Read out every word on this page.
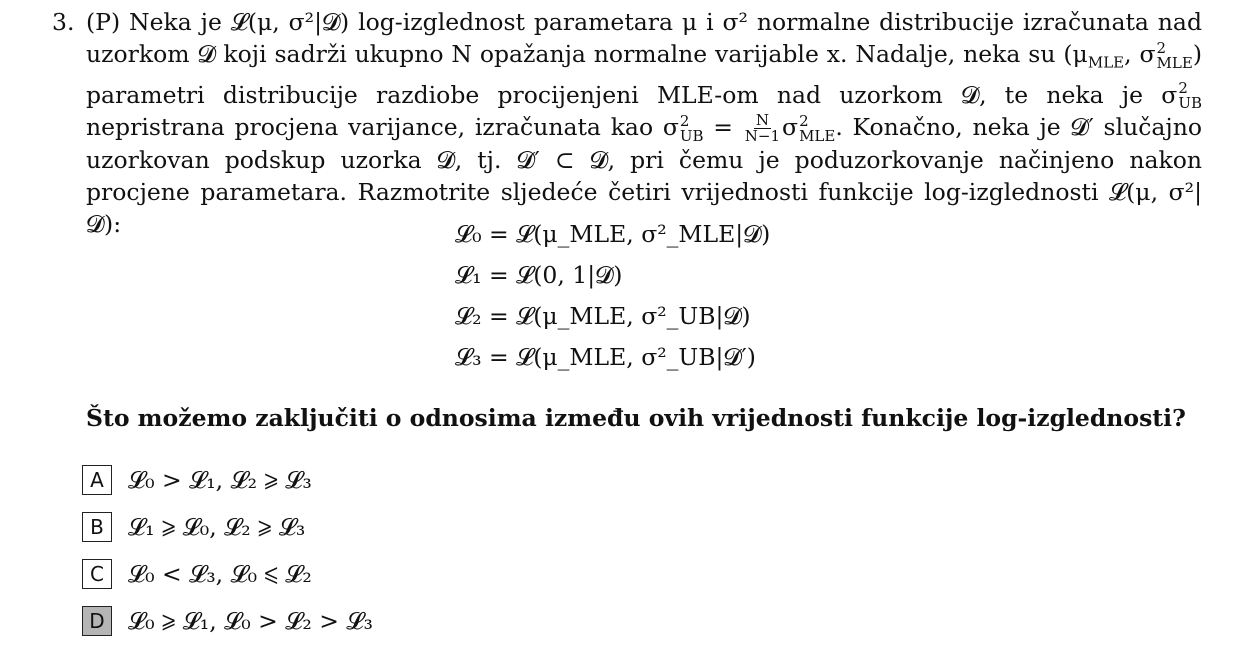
3. (P) Neka je 𝓛(μ, σ²|𝓓) log-izglednost parametara μ i σ² normalne distribucije izračunata nad uzorkom 𝓓 koji sadrži ukupno N opažanja normalne varijable x. Nadalje, neka su ($\mu_{MLE}$, σ 2
MLE ) parametri distribucije razdiobe procijenjeni MLE-om nad uzorkom 𝓓, te neka je σ 2
UB
nepristrana procjena varijance, izračunata kao σ 2
UB = $\frac{N}{N-1}$ σ 2
MLE . Konačno, neka je 𝓓′ slučajno uzorkovan podskup uzorka 𝓓, tj. 𝓓′ ⊂ 𝓓, pri čemu je poduzorkovanje načinjeno nakon procjene parametara. Razmotrite sljedeće četiri vrijednosti funkcije log-izglednosti 𝓛(μ, σ²|𝓓):	𝓛₀ = 𝓛(μ_MLE, σ²_MLE|𝓓)
𝓛₁ = 𝓛(0, 1|𝓓)
𝓛₂ = 𝓛(μ_MLE, σ²_UB|𝓓)
𝓛₃ = 𝓛(μ_MLE, σ²_UB|𝓓′)
Što možemo zaključiti o odnosima između ovih vrijednosti funkcije log-izglednosti?
A	𝓛₀ > 𝓛₁, 𝓛₂ ⩾ 𝓛₃
B	𝓛₁ ⩾ 𝓛₀, 𝓛₂ ⩾ 𝓛₃
C	𝓛₀ < 𝓛₃, 𝓛₀ ⩽ 𝓛₂
D 𝓛₀ ⩾ 𝓛₁, 𝓛₀ > 𝓛₂ > 𝓛₃
